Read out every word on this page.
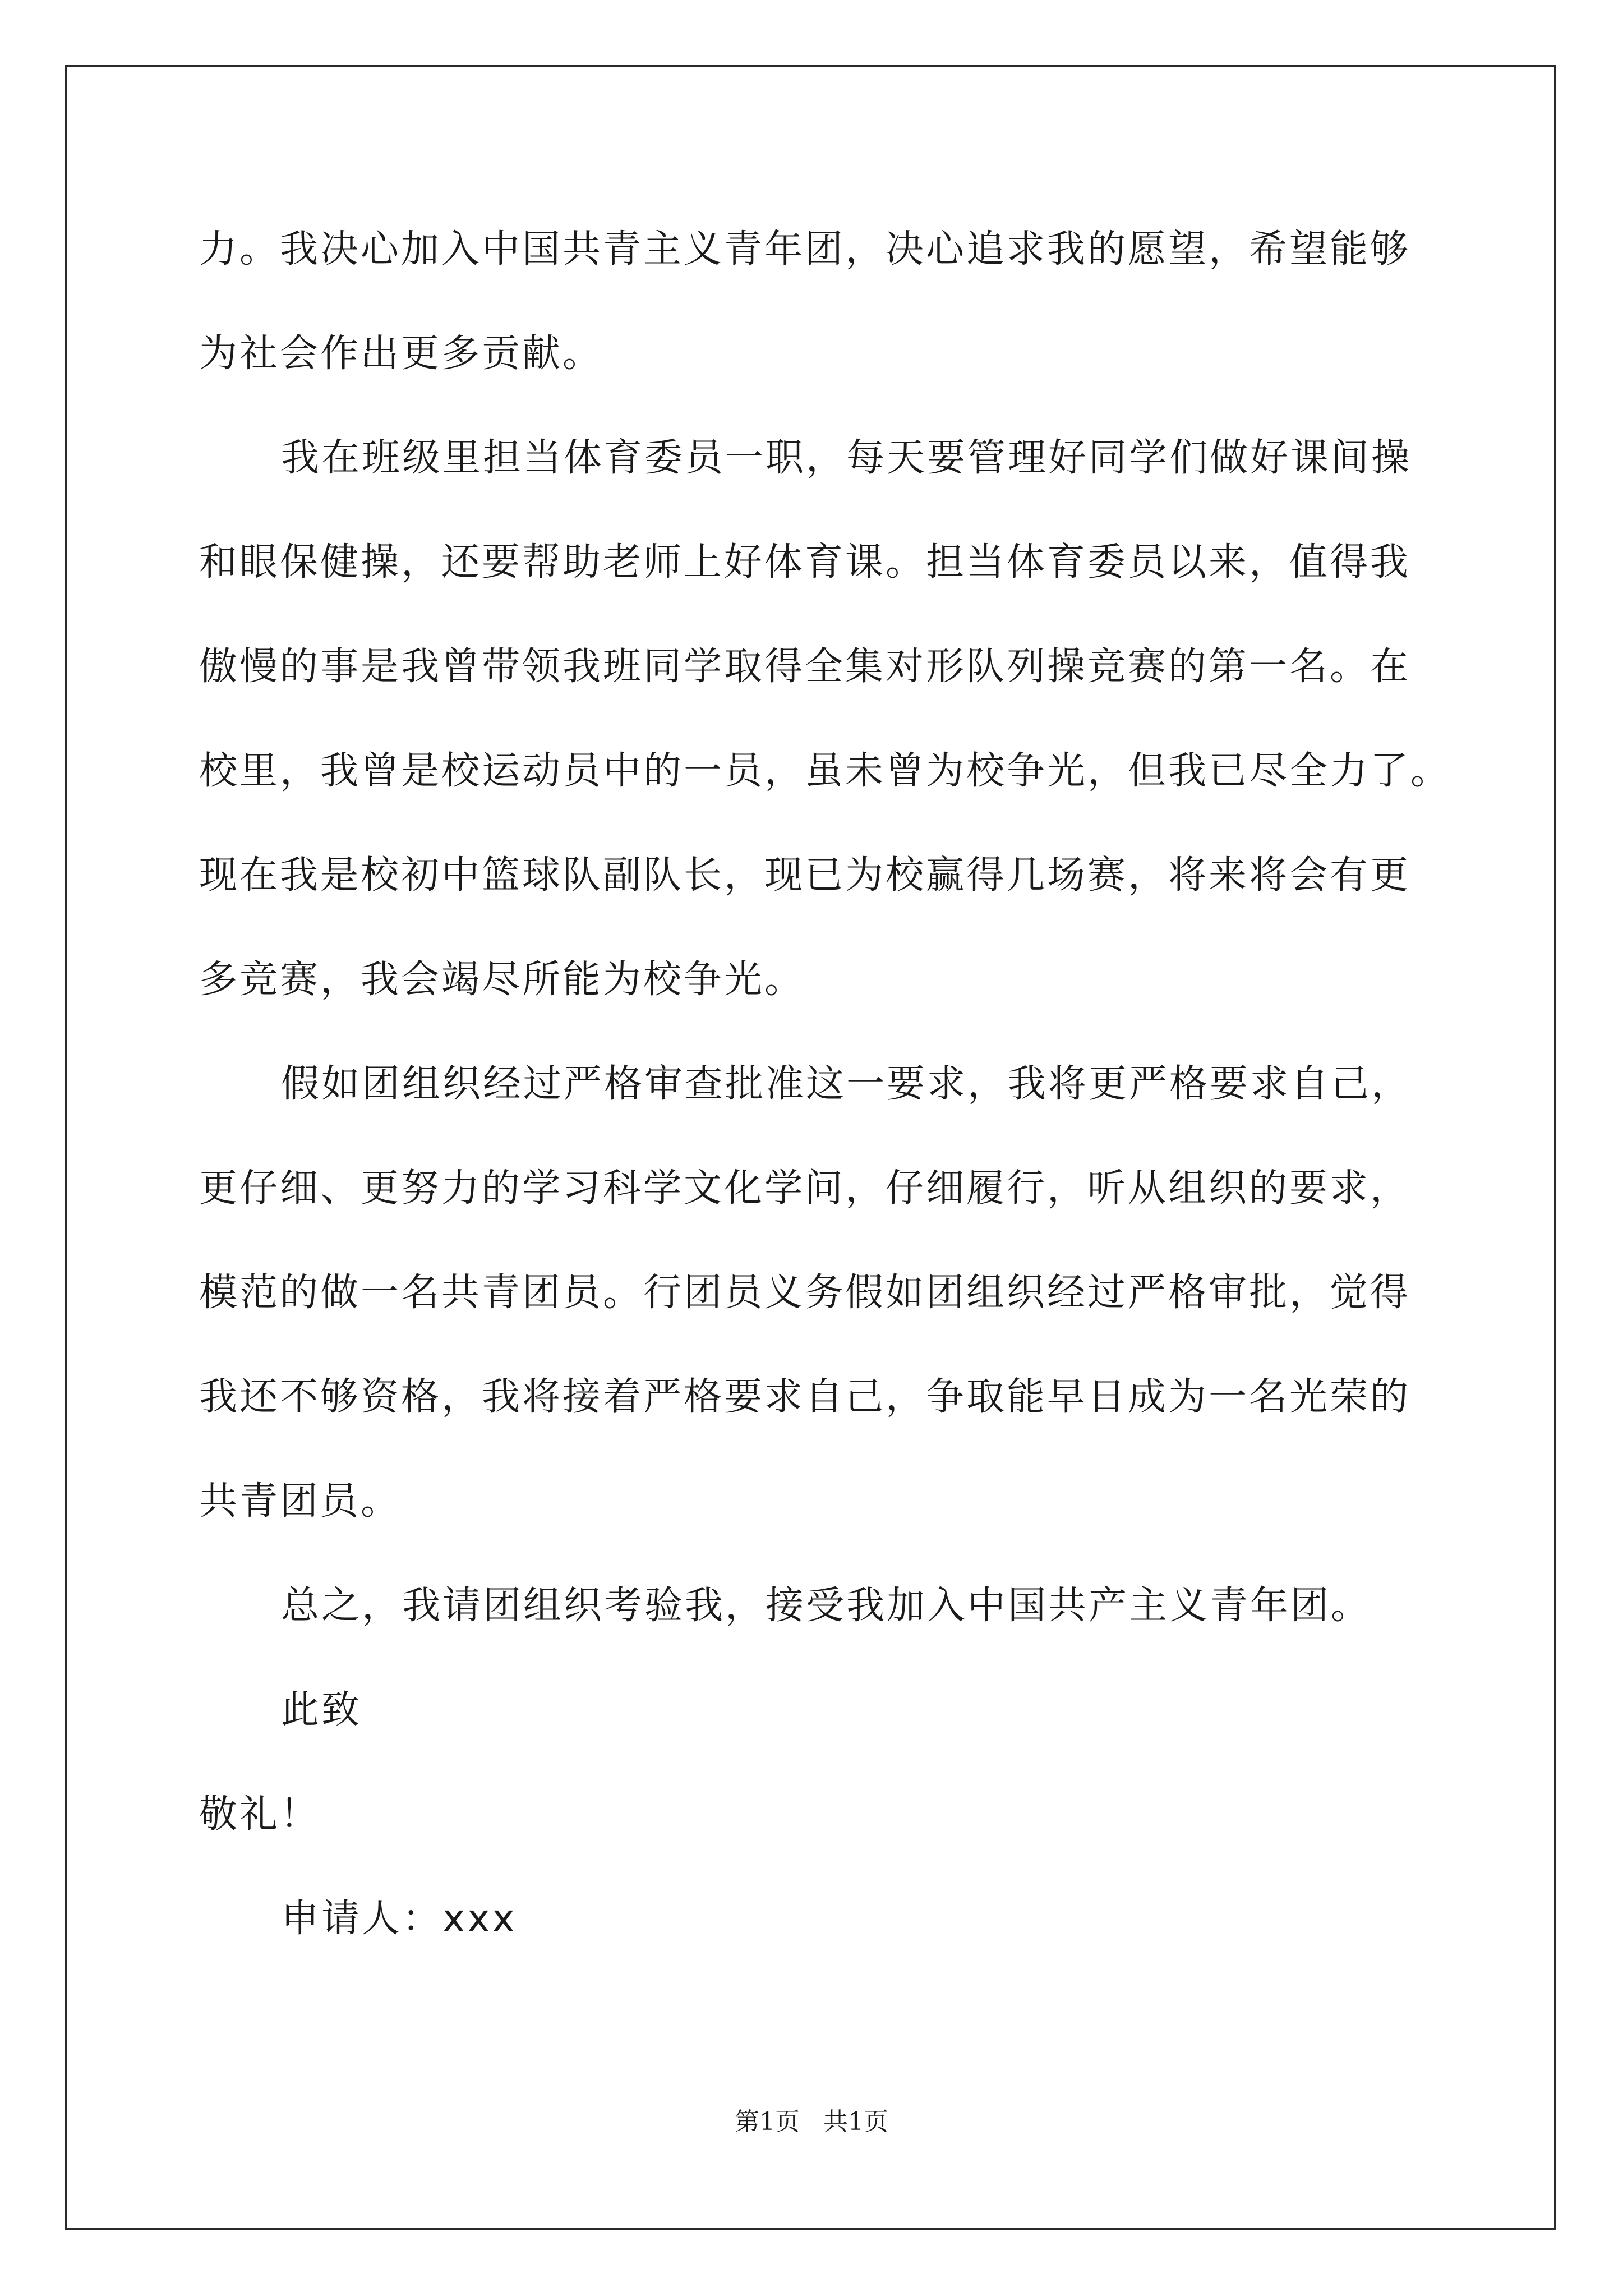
力。我决心加入中国共青主义青年团，决心追求我的愿望，希望能够
为社会作出更多贡献。
我在班级里担当体育委员一职，每天要管理好同学们做好课间操
和眼保健操，还要帮助老师上好体育课。担当体育委员以来，值得我
傲慢的事是我曾带领我班同学取得全集对形队列操竞赛的第一名。在
校里，我曾是校运动员中的一员，虽未曾为校争光，但我已尽全力了。
现在我是校初中篮球队副队长，现已为校赢得几场赛，将来将会有更
多竞赛，我会竭尽所能为校争光。
假如团组织经过严格审查批准这一要求，我将更严格要求自己，
更仔细、更努力的学习科学文化学问，仔细履行，听从组织的要求，
模范的做一名共青团员。行团员义务假如团组织经过严格审批，觉得
我还不够资格，我将接着严格要求自己，争取能早日成为一名光荣的
共青团员。
总之，我请团组织考验我，接受我加入中国共产主义青年团。
此致
敬礼！
申请人：xxx
第1页   共1页
